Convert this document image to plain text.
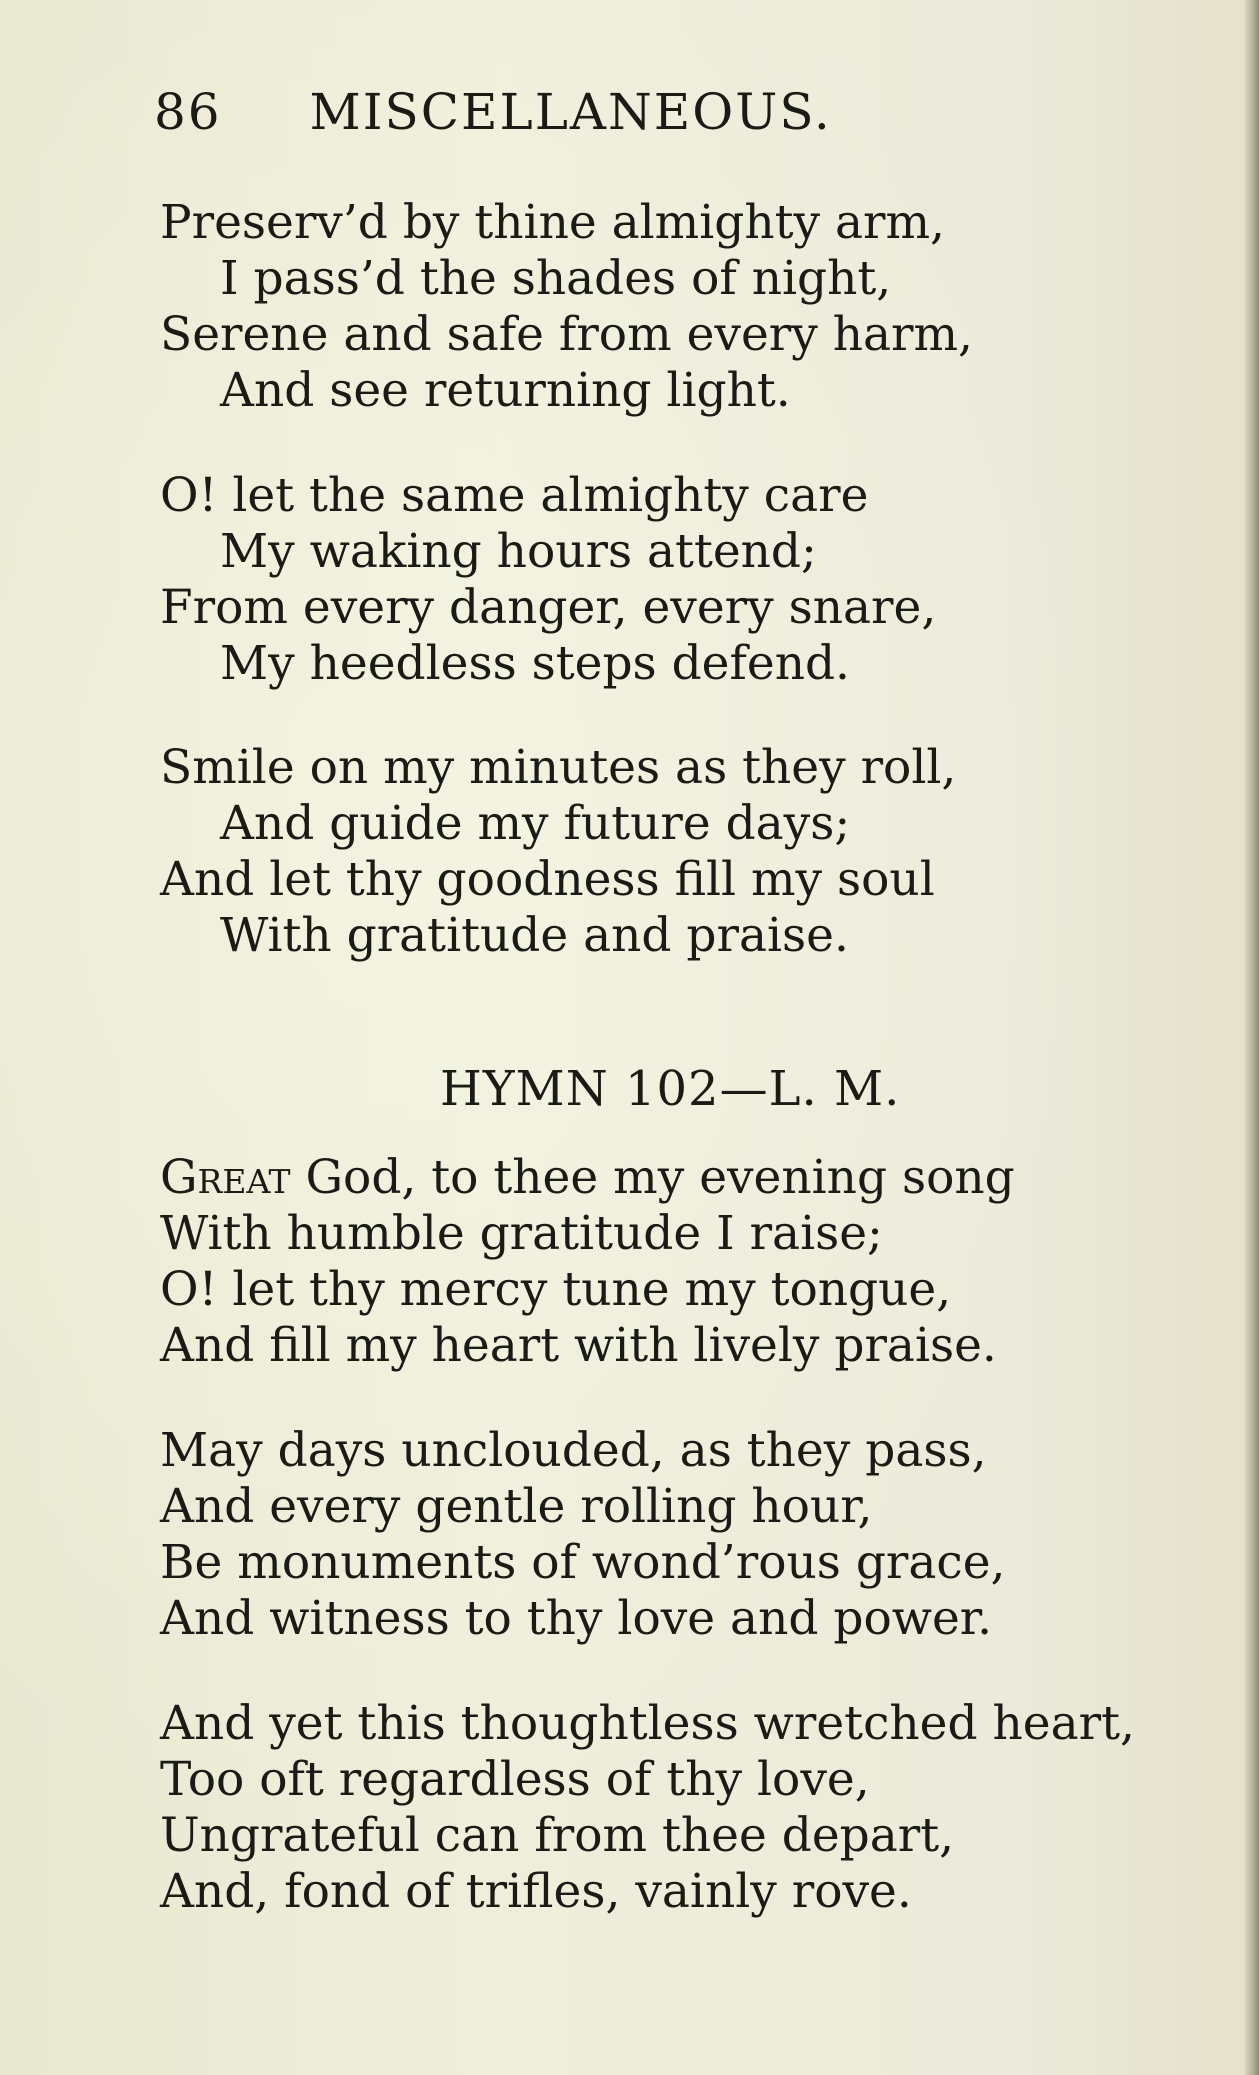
86 MISCELLANEOUS.
Preserv’d by thine almighty arm,
I pass’d the shades of night,
Serene and safe from every harm,
And see returning light.
O! let the same almighty care
My waking hours attend;
From every danger, every snare,
My heedless steps defend.
Smile on my minutes as they roll,
And guide my future days;
And let thy goodness fill my soul
With gratitude and praise.
HYMN 102—L. M.
Great God, to thee my evening song
With humble gratitude I raise;
O! let thy mercy tune my tongue,
And fill my heart with lively praise.
May days unclouded, as they pass,
And every gentle rolling hour,
Be monuments of wond’rous grace,
And witness to thy love and power.
And yet this thoughtless wretched heart,
Too oft regardless of thy love,
Ungrateful can from thee depart,
And, fond of trifles, vainly rove.
